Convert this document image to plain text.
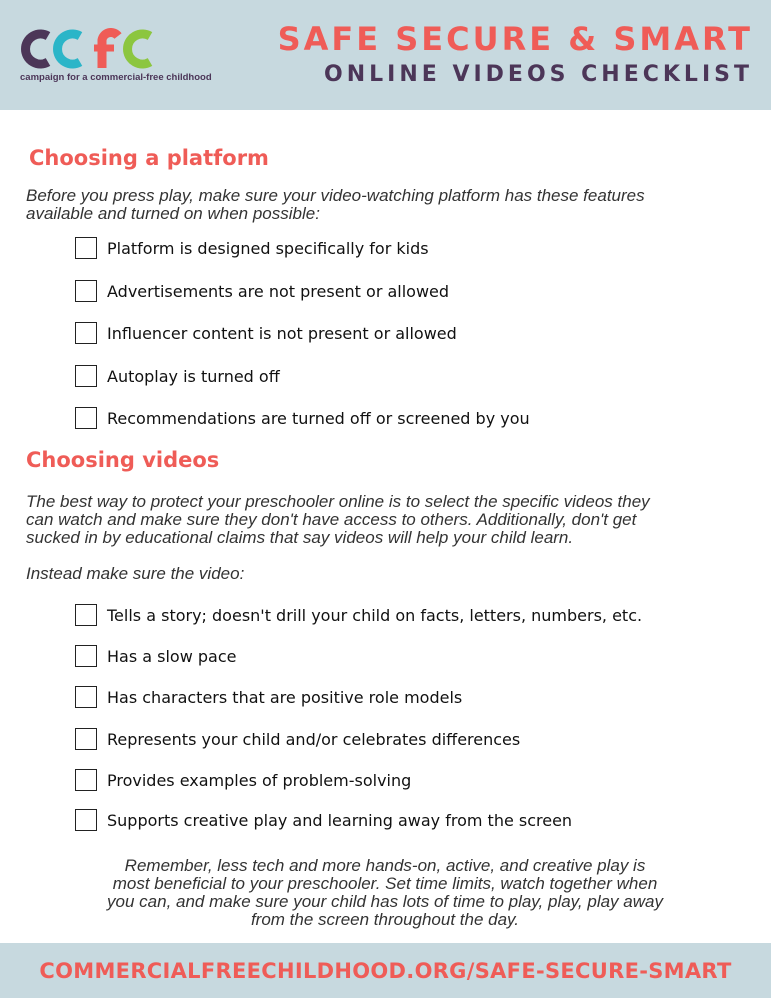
campaign for a commercial-free childhood
SAFE SECURE & SMART
ONLINE VIDEOS CHECKLIST
Choosing a platform
Before you press play, make sure your video-watching platform has these features
available and turned on when possible:
Platform is designed specifically for kids
Advertisements are not present or allowed
Influencer content is not present or allowed
Autoplay is turned off
Recommendations are turned off or screened by you
Choosing videos
The best way to protect your preschooler online is to select the specific videos they
can watch and make sure they don't have access to others. Additionally, don't get
sucked in by educational claims that say videos will help your child learn.
Instead make sure the video:
Tells a story; doesn't drill your child on facts, letters, numbers, etc.
Has a slow pace
Has characters that are positive role models
Represents your child and/or celebrates differences
Provides examples of problem-solving
Supports creative play and learning away from the screen
Remember, less tech and more hands-on, active, and creative play is
most beneficial to your preschooler. Set time limits, watch together when
you can, and make sure your child has lots of time to play, play, play away
from the screen throughout the day.
COMMERCIALFREECHILDHOOD.ORG/SAFE-SECURE-SMART
